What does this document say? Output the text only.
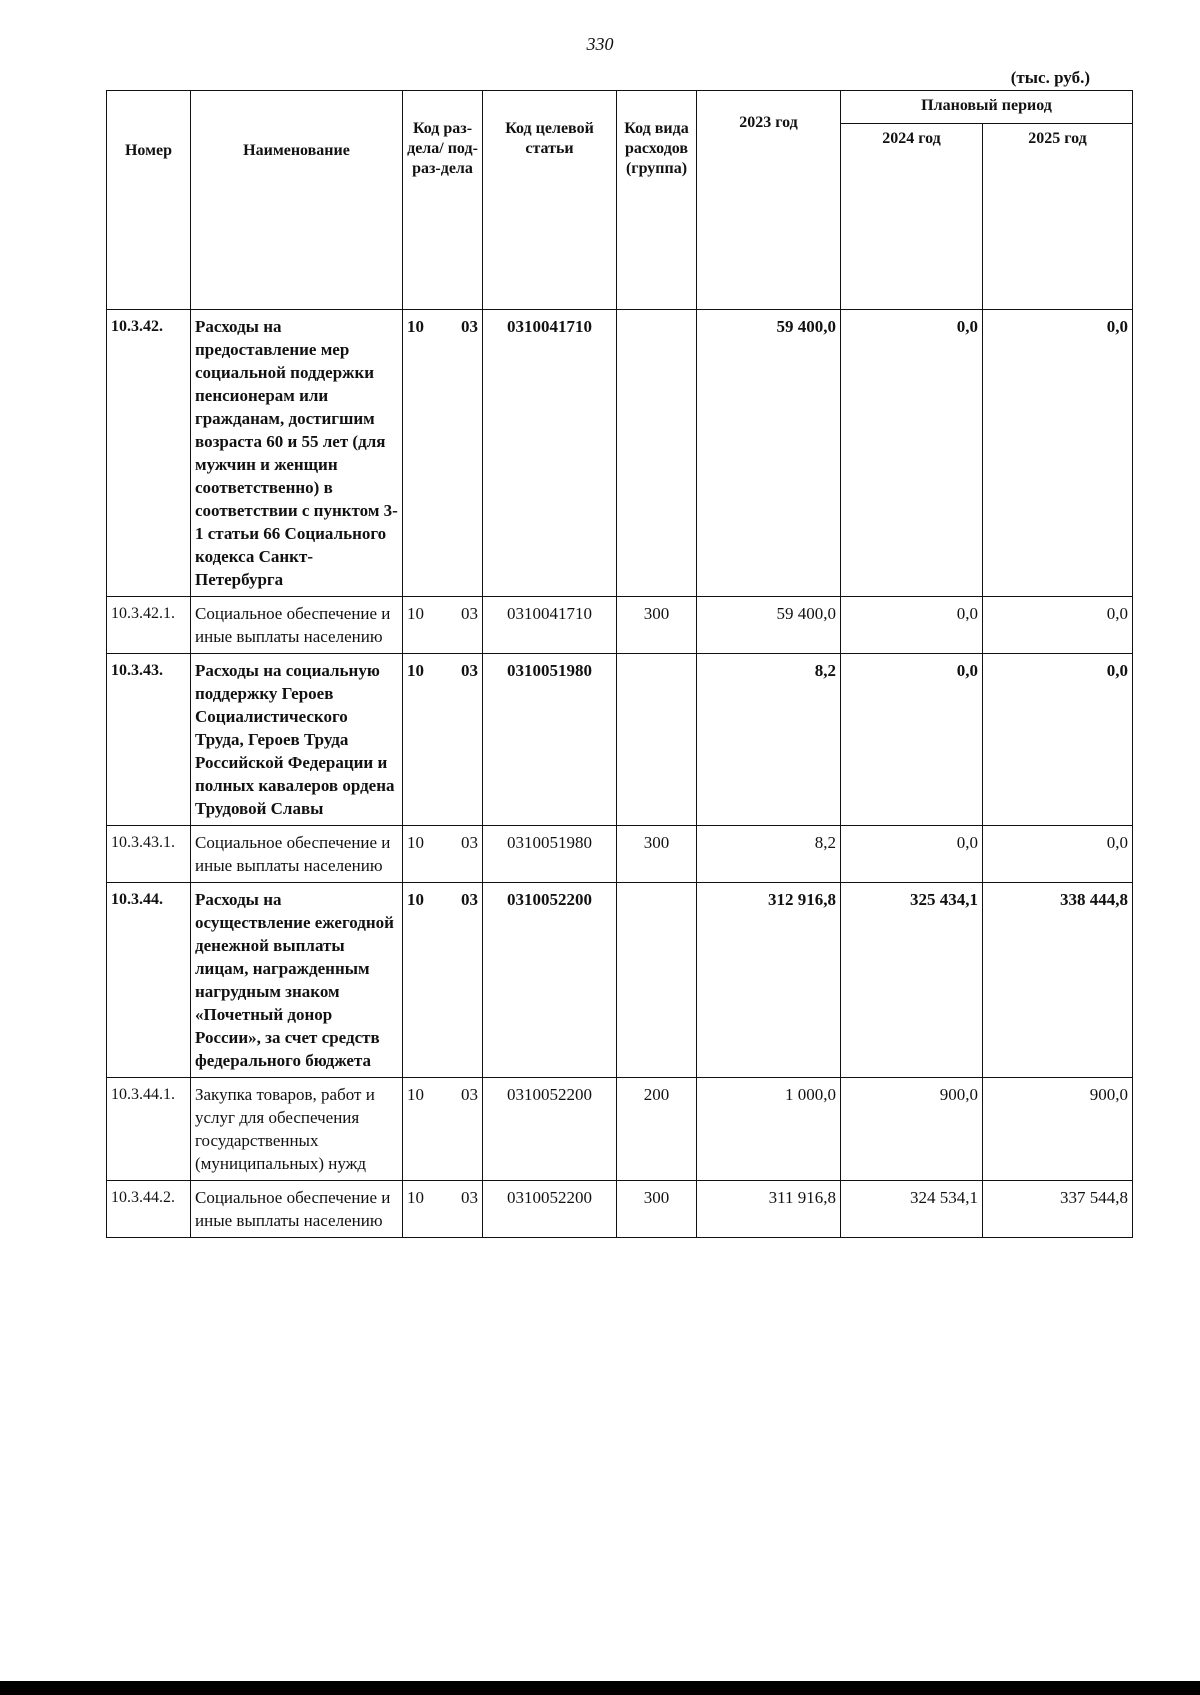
330
(тыс. руб.)
Номер	Наименование	Код раз-дела/ под-раз-дела	Код целевой статьи	Код вида расходов (группа)	2023 год	Плановый период	
						2024 год	2025 год
10.3.42.	Расходы на предоставление мер социальной поддержки пенсионерам или гражданам, достигшим возраста 60 и 55 лет (для мужчин и женщин соответственно) в соответствии с пунктом 3-1 статьи 66 Социального кодекса Санкт-Петербурга	10 03	0310041710		59 400,0	0,0	0,0
10.3.42.1.	Социальное обеспечение и иные выплаты населению	10 03	0310041710	300	59 400,0	0,0	0,0
10.3.43.	Расходы на социальную поддержку Героев Социалистического Труда, Героев Труда Российской Федерации и полных кавалеров ордена Трудовой Славы	10 03	0310051980		8,2	0,0	0,0
10.3.43.1.	Социальное обеспечение и иные выплаты населению	10 03	0310051980	300	8,2	0,0	0,0
10.3.44.	Расходы на осуществление ежегодной денежной выплаты лицам, награжденным нагрудным знаком «Почетный донор России», за счет средств федерального бюджета	10 03	0310052200		312 916,8	325 434,1	338 444,8
10.3.44.1.	Закупка товаров, работ и услуг для обеспечения государственных (муниципальных) нужд	10 03	0310052200	200	1 000,0	900,0	900,0
10.3.44.2.	Социальное обеспечение и иные выплаты населению	10 03	0310052200	300	311 916,8	324 534,1	337 544,8
